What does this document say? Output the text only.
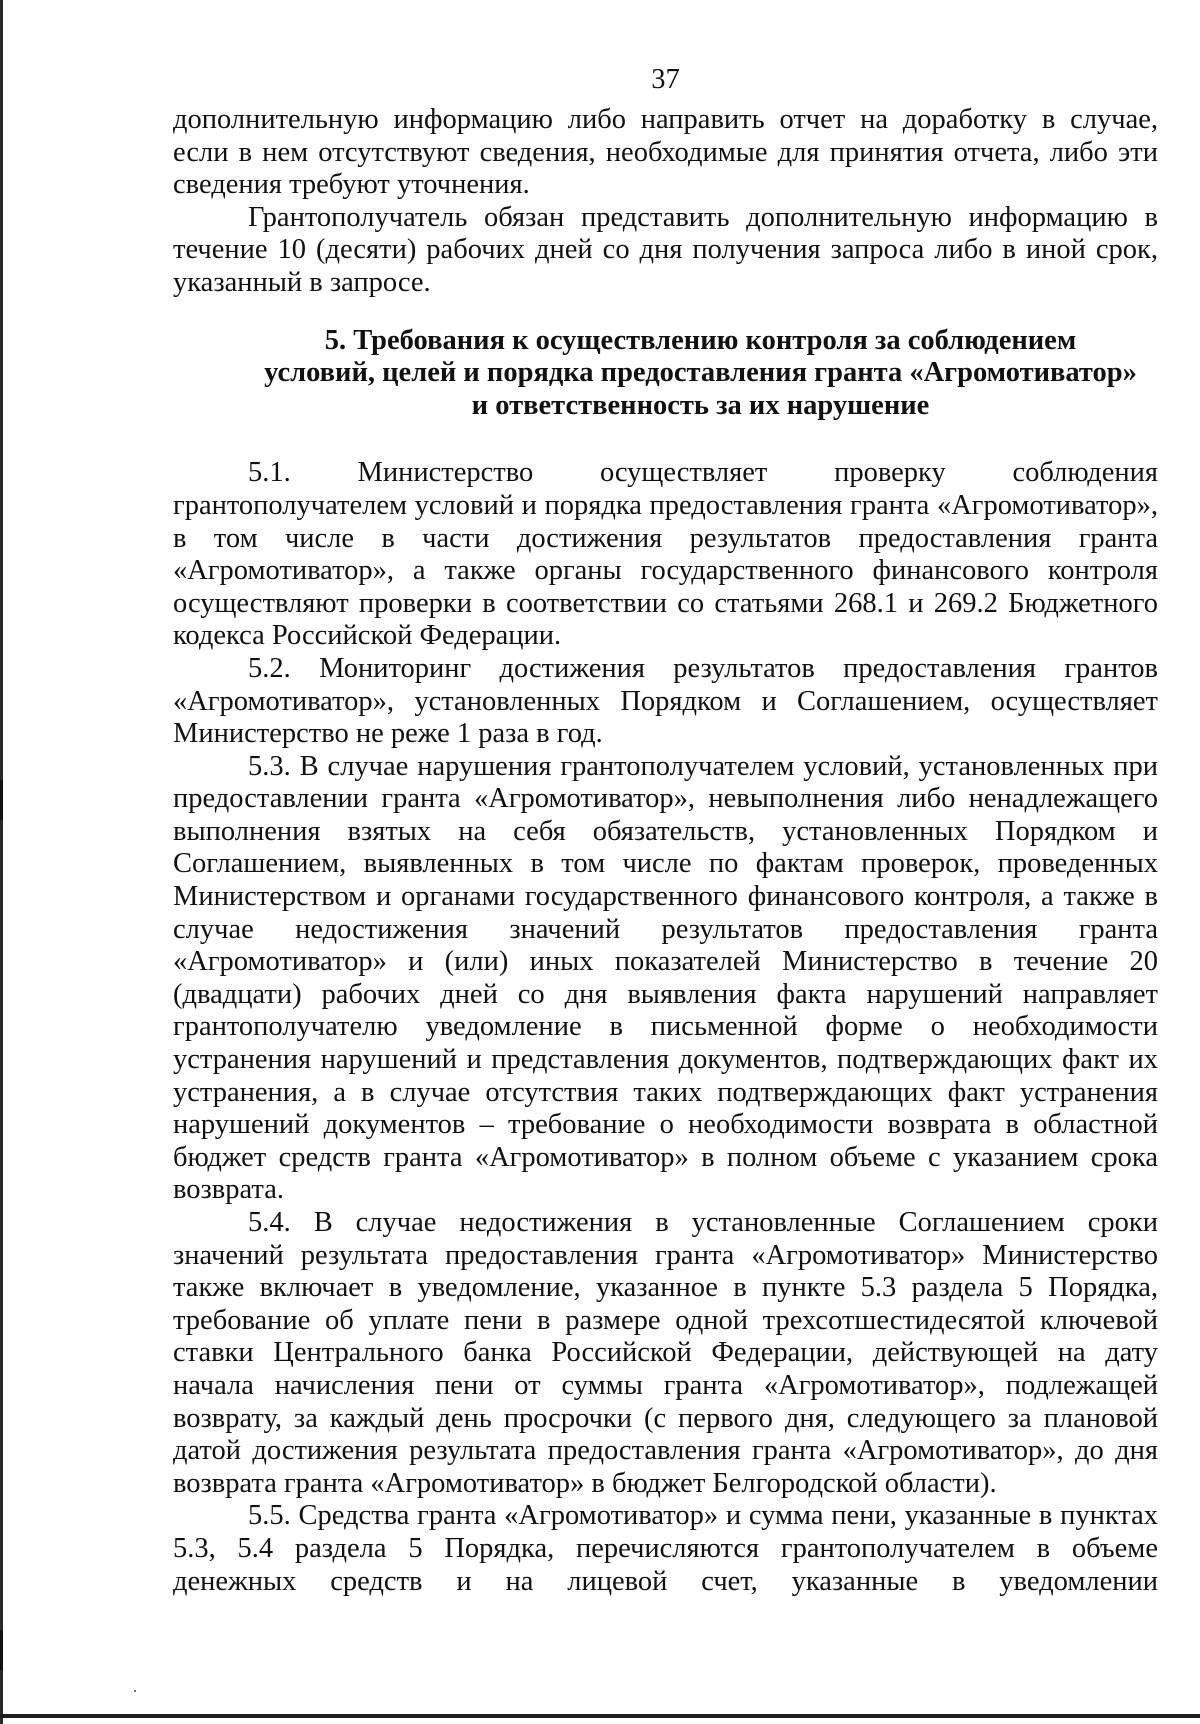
37

дополнительную информацию либо направить отчет на доработку в случае, если в нем отсутствуют сведения, необходимые для принятия отчета, либо эти сведения требуют уточнения.

Грантополучатель обязан представить дополнительную информацию в течение 10 (десяти) рабочих дней со дня получения запроса либо в иной срок, указанный в запросе.

5. Требования к осуществлению контроля за соблюдением
условий, целей и порядка предоставления гранта «Агромотиватор»
и ответственность за их нарушение

5.1. Министерство осуществляет проверку соблюдения грантополучателем условий и порядка предоставления гранта «Агромотиватор», в том числе в части достижения результатов предоставления гранта «Агромотиватор», а также органы государственного финансового контроля осуществляют проверки в соответствии со статьями 268.1 и 269.2 Бюджетного кодекса Российской Федерации.

5.2. Мониторинг достижения результатов предоставления грантов «Агромотиватор», установленных Порядком и Соглашением, осуществляет Министерство не реже 1 раза в год.

5.3. В случае нарушения грантополучателем условий, установленных при предоставлении гранта «Агромотиватор», невыполнения либо ненадлежащего выполнения взятых на себя обязательств, установленных Порядком и Соглашением, выявленных в том числе по фактам проверок, проведенных Министерством и органами государственного финансового контроля, а также в случае недостижения значений результатов предоставления гранта «Агромотиватор» и (или) иных показателей Министерство в течение 20 (двадцати) рабочих дней со дня выявления факта нарушений направляет грантополучателю уведомление в письменной форме о необходимости устранения нарушений и представления документов, подтверждающих факт их устранения, а в случае отсутствия таких подтверждающих факт устранения нарушений документов – требование о необходимости возврата в областной бюджет средств гранта «Агромотиватор» в полном объеме с указанием срока возврата.

5.4. В случае недостижения в установленные Соглашением сроки значений результата предоставления гранта «Агромотиватор» Министерство также включает в уведомление, указанное в пункте 5.3 раздела 5 Порядка, требование об уплате пени в размере одной трехсотшестидесятой ключевой ставки Центрального банка Российской Федерации, действующей на дату начала начисления пени от суммы гранта «Агромотиватор», подлежащей возврату, за каждый день просрочки (с первого дня, следующего за плановой датой достижения результата предоставления гранта «Агромотиватор», до дня возврата гранта «Агромотиватор» в бюджет Белгородской области).

5.5. Средства гранта «Агромотиватор» и сумма пени, указанные в пунктах 5.3, 5.4 раздела 5 Порядка, перечисляются грантополучателем в объеме денежных средств и на лицевой счет, указанные в уведомлении
